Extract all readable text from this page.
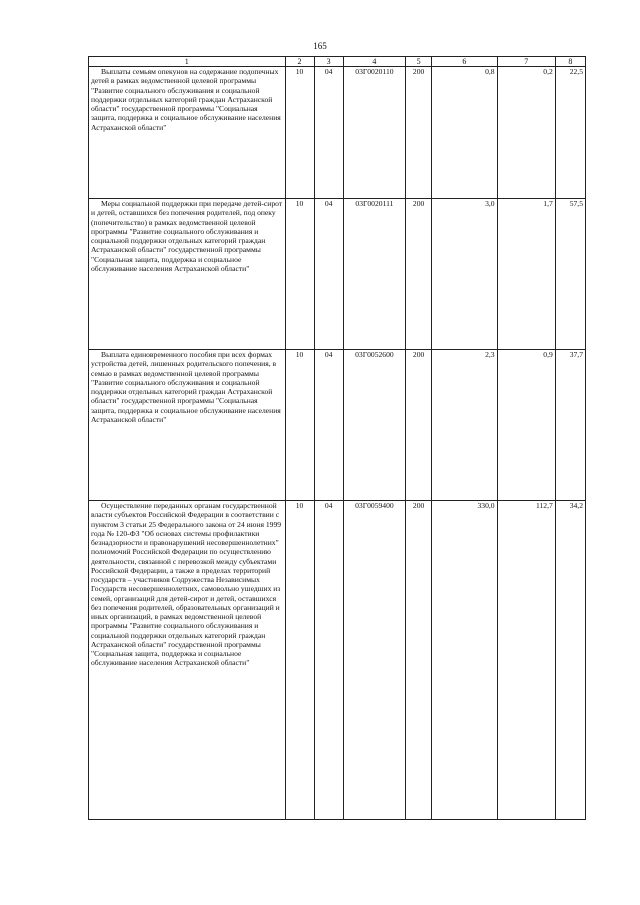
165
1	2	3	4	5	6	7	8

Выплаты семьям опекунов на содержание подопечных детей в рамках ведомственной целевой программы "Развитие социального обслуживания и социальной поддержки отдельных категорий граждан Астраханской области" государственной программы "Социальная защита, поддержка и социальное обслуживание населения Астраханской области"	10	04	03Г0020110	200	0,8	0,2	22,5

Меры социальной поддержки при передаче детей-сирот и детей, оставшихся без попечения родителей, под опеку (попечительство) в рамках ведомственной целевой программы "Развитие социального обслуживания и социальной поддержки отдельных категорий граждан Астраханской области" государственной программы "Социальная защита, поддержка и социальное обслуживание населения Астраханской области"	10	04	03Г0020111	200	3,0	1,7	57,5

Выплата единовременного пособия при всех формах устройства детей, лишенных родительского попечения, в семью в рамках ведомственной целевой программы "Развитие социального обслуживания и социальной поддержки отдельных категорий граждан Астраханской области" государственной программы "Социальная защита, поддержка и социальное обслуживание населения Астраханской области"	10	04	03Г0052600	200	2,3	0,9	37,7

Осуществление переданных органам государственной власти субъектов Российской Федерации в соответствии с пунктом 3 статьи 25 Федерального закона от 24 июня 1999 года № 120-ФЗ "Об основах системы профилактики безнадзорности и правонарушений несовершеннолетних" полномочий Российской Федерации по осуществлению деятельности, связанной с перевозкой между субъектами Российской Федерации, а также в пределах территорий государств – участников Содружества Независимых Государств несовершеннолетних, самовольно ушедших из семей, организаций для детей-сирот и детей, оставшихся без попечения родителей, образовательных организаций и иных организаций, в рамках ведомственной целевой программы "Развитие социального обслуживания и социальной поддержки отдельных категорий граждан Астраханской области" государственной программы "Социальная защита, поддержка и социальное обслуживание населения Астраханской области"	10	04	03Г0059400	200	330,0	112,7	34,2
